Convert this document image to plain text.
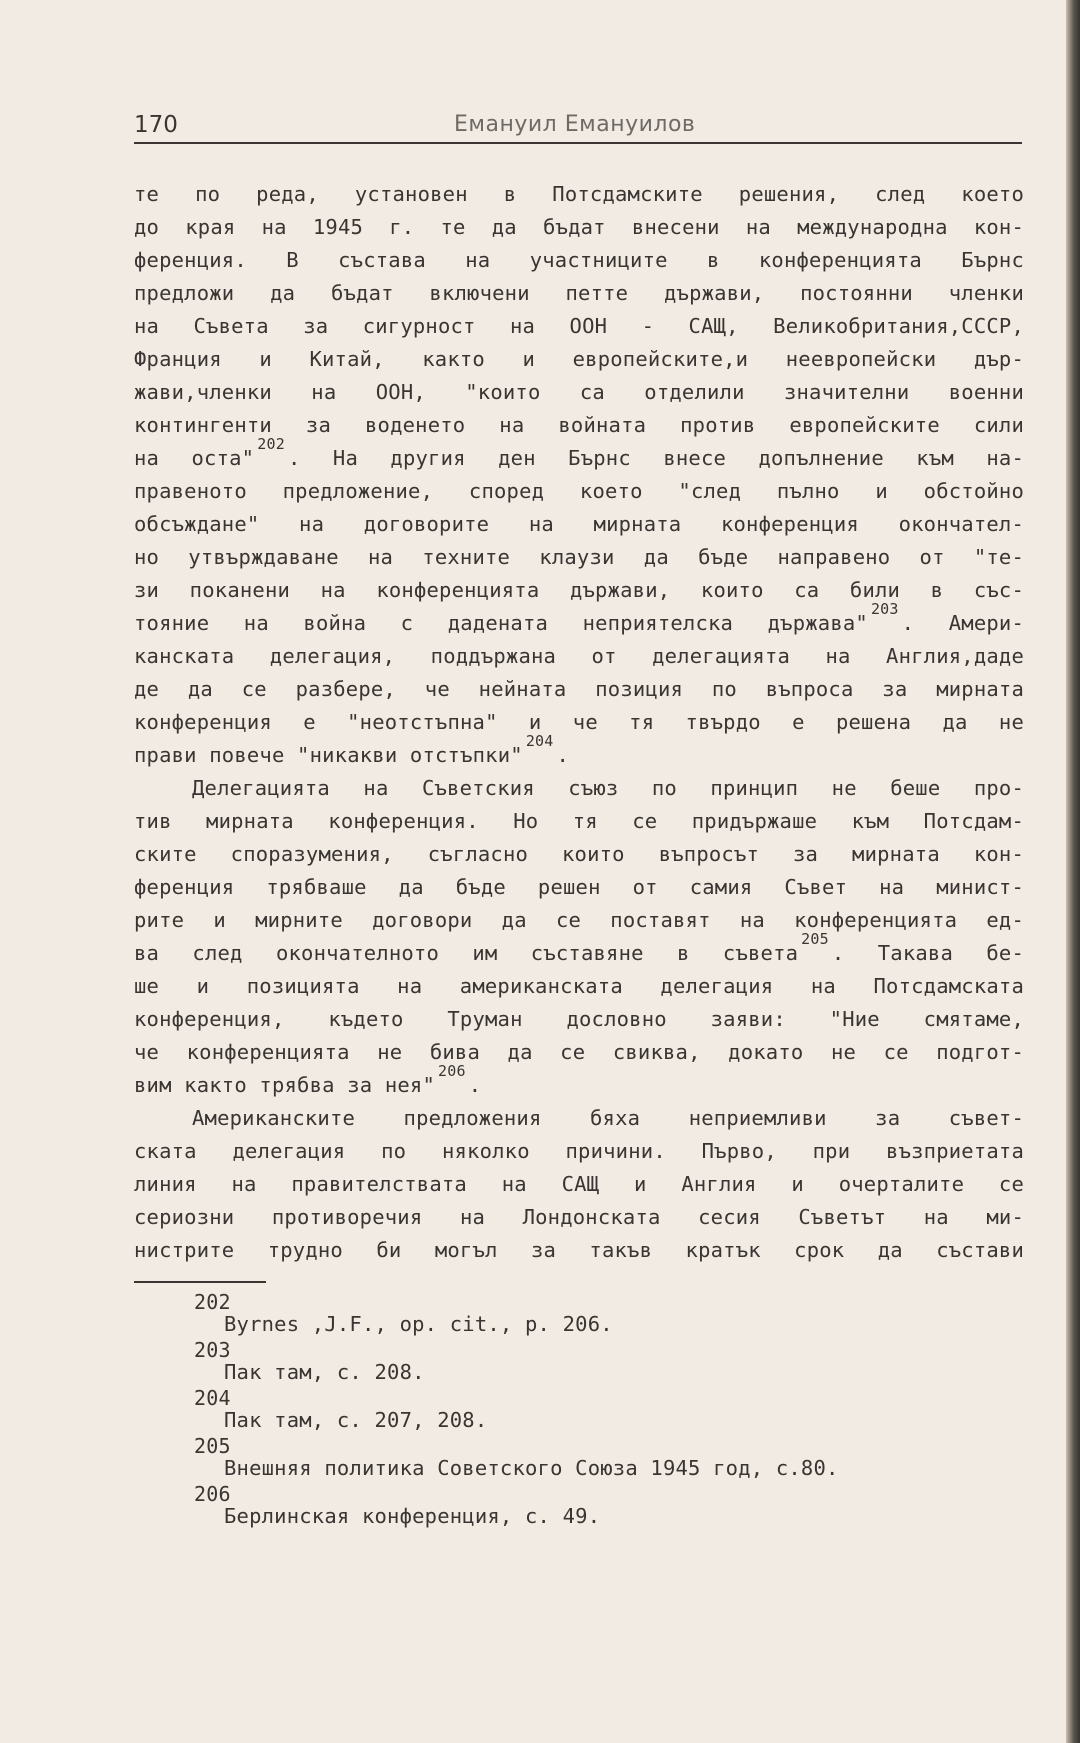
170	Емануил Емануилов
те по реда, установен в Потсдамските решения, след което
до края на 1945 г. те да бъдат внесени на международна кон-
ференция. В състава на участниците в конференцията Бърнс
предложи да бъдат включени петте държави, постоянни членки
на Съвета за сигурност на ООН - САЩ, Великобритания,СССР,
Франция и Китай, както и европейските,и неевропейски дър-
жави,членки на ООН, "които са отделили значителни военни
контингенти за воденето на войната против европейските сили
на оста"$^{202}$. На другия ден Бърнс внесе допълнение към на-
правеното предложение, според което "след пълно и обстойно
обсъждане" на договорите на мирната конференция окончател-
но утвърждаване на техните клаузи да бъде направено от "те-
зи поканени на конференцията държави, които са били в със-
тояние на война с дадената неприятелска държава"$^{203}$. Амери-
канската делегация, поддържана от делегацията на Англия,даде
де да се разбере, че нейната позиция по въпроса за мирната
конференция е "неотстъпна" и че тя твърдо е решена да не
прави повече "никакви отстъпки"$^{204}$.
Делегацията на Съветския съюз по принцип не беше про-
тив мирната конференция. Но тя се придържаше към Потсдам-
ските споразумения, съгласно които въпросът за мирната кон-
ференция трябваше да бъде решен от самия Съвет на минист-
рите и мирните договори да се поставят на конференцията ед-
ва след окончателното им съставяне в съвета$^{205}$. Такава бе-
ше и позицията на американската делегация на Потсдамската
конференция, където Труман дословно заяви: "Ние смятаме,
че конференцията не бива да се свиква, докато не се подгот-
вим както трябва за нея"$^{206}$.
Американските предложения бяха неприемливи за съвет-
ската делегация по няколко причини. Първо, при възприетата
линия на правителствата на САЩ и Англия и очерталите се
сериозни противоречия на Лондонската сесия Съветът на ми-
нистрите трудно би могъл за такъв кратък срок да състави
202
Byrnes ,J.F., op. cit., p. 206.
203
Пак там, с. 208.
204
Пак там, с. 207, 208.
205
Внешняя политика Советского Союза 1945 год, с.80.
206
Берлинская конференция, с. 49.
